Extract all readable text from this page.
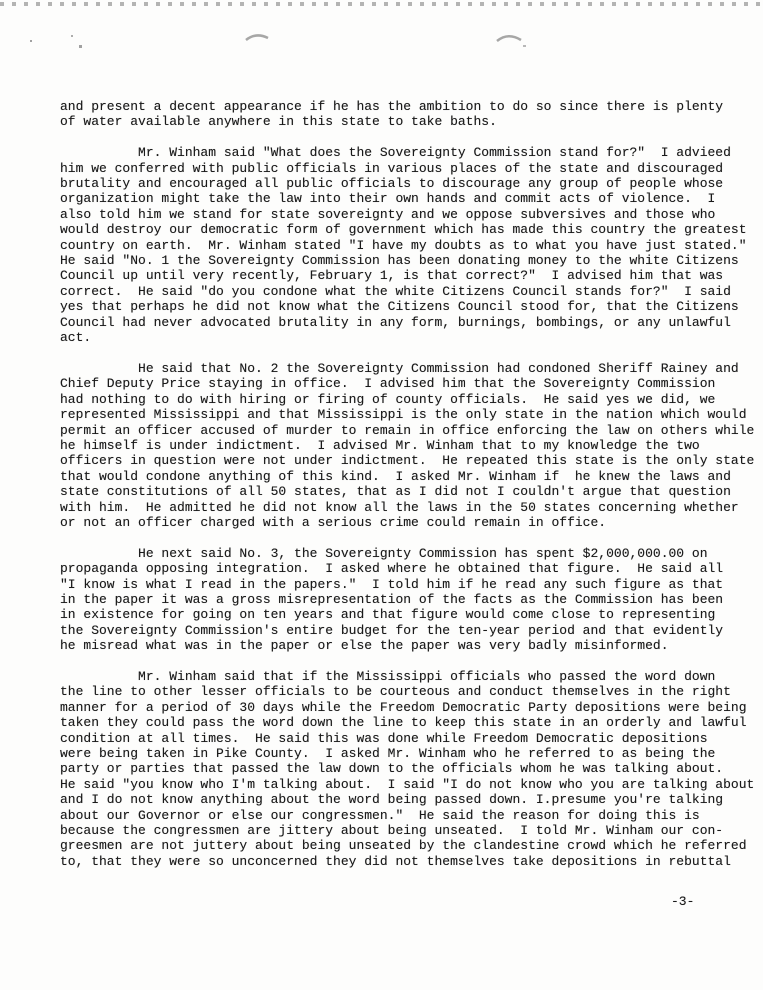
and present a decent appearance if he has the ambition to do so since there is plenty
of water available anywhere in this state to take baths.

Mr. Winham said "What does the Sovereignty Commission stand for?"  I advieed
him we conferred with public officials in various places of the state and discouraged
brutality and encouraged all public officials to discourage any group of people whose
organization might take the law into their own hands and commit acts of violence.  I
also told him we stand for state sovereignty and we oppose subversives and those who
would destroy our democratic form of government which has made this country the greatest
country on earth.  Mr. Winham stated "I have my doubts as to what you have just stated."
He said "No. 1 the Sovereignty Commission has been donating money to the white Citizens
Council up until very recently, February 1, is that correct?"  I advised him that was
correct.  He said "do you condone what the white Citizens Council stands for?"  I said
yes that perhaps he did not know what the Citizens Council stood for, that the Citizens
Council had never advocated brutality in any form, burnings, bombings, or any unlawful
act.

He said that No. 2 the Sovereignty Commission had condoned Sheriff Rainey and
Chief Deputy Price staying in office.  I advised him that the Sovereignty Commission
had nothing to do with hiring or firing of county officials.  He said yes we did, we
represented Mississippi and that Mississippi is the only state in the nation which would
permit an officer accused of murder to remain in office enforcing the law on others while
he himself is under indictment.  I advised Mr. Winham that to my knowledge the two
officers in question were not under indictment.  He repeated this state is the only state
that would condone anything of this kind.  I asked Mr. Winham if  he knew the laws and
state constitutions of all 50 states, that as I did not I couldn't argue that question
with him.  He admitted he did not know all the laws in the 50 states concerning whether
or not an officer charged with a serious crime could remain in office.

He next said No. 3, the Sovereignty Commission has spent $2,000,000.00 on
propaganda opposing integration.  I asked where he obtained that figure.  He said all
"I know is what I read in the papers."  I told him if he read any such figure as that
in the paper it was a gross misrepresentation of the facts as the Commission has been
in existence for going on ten years and that figure would come close to representing
the Sovereignty Commission's entire budget for the ten-year period and that evidently
he misread what was in the paper or else the paper was very badly misinformed.

Mr. Winham said that if the Mississippi officials who passed the word down
the line to other lesser officials to be courteous and conduct themselves in the right
manner for a period of 30 days while the Freedom Democratic Party depositions were being
taken they could pass the word down the line to keep this state in an orderly and lawful
condition at all times.  He said this was done while Freedom Democratic depositions
were being taken in Pike County.  I asked Mr. Winham who he referred to as being the
party or parties that passed the law down to the officials whom he was talking about.
He said "you know who I'm talking about.  I said "I do not know who you are talking about
and I do not know anything about the word being passed down. I.presume you're talking
about our Governor or else our congressmen."  He said the reason for doing this is
because the congressmen are jittery about being unseated.  I told Mr. Winham our con-
greesmen are not juttery about being unseated by the clandestine crowd which he referred
to, that they were so unconcerned they did not themselves take depositions in rebuttal

-3-
